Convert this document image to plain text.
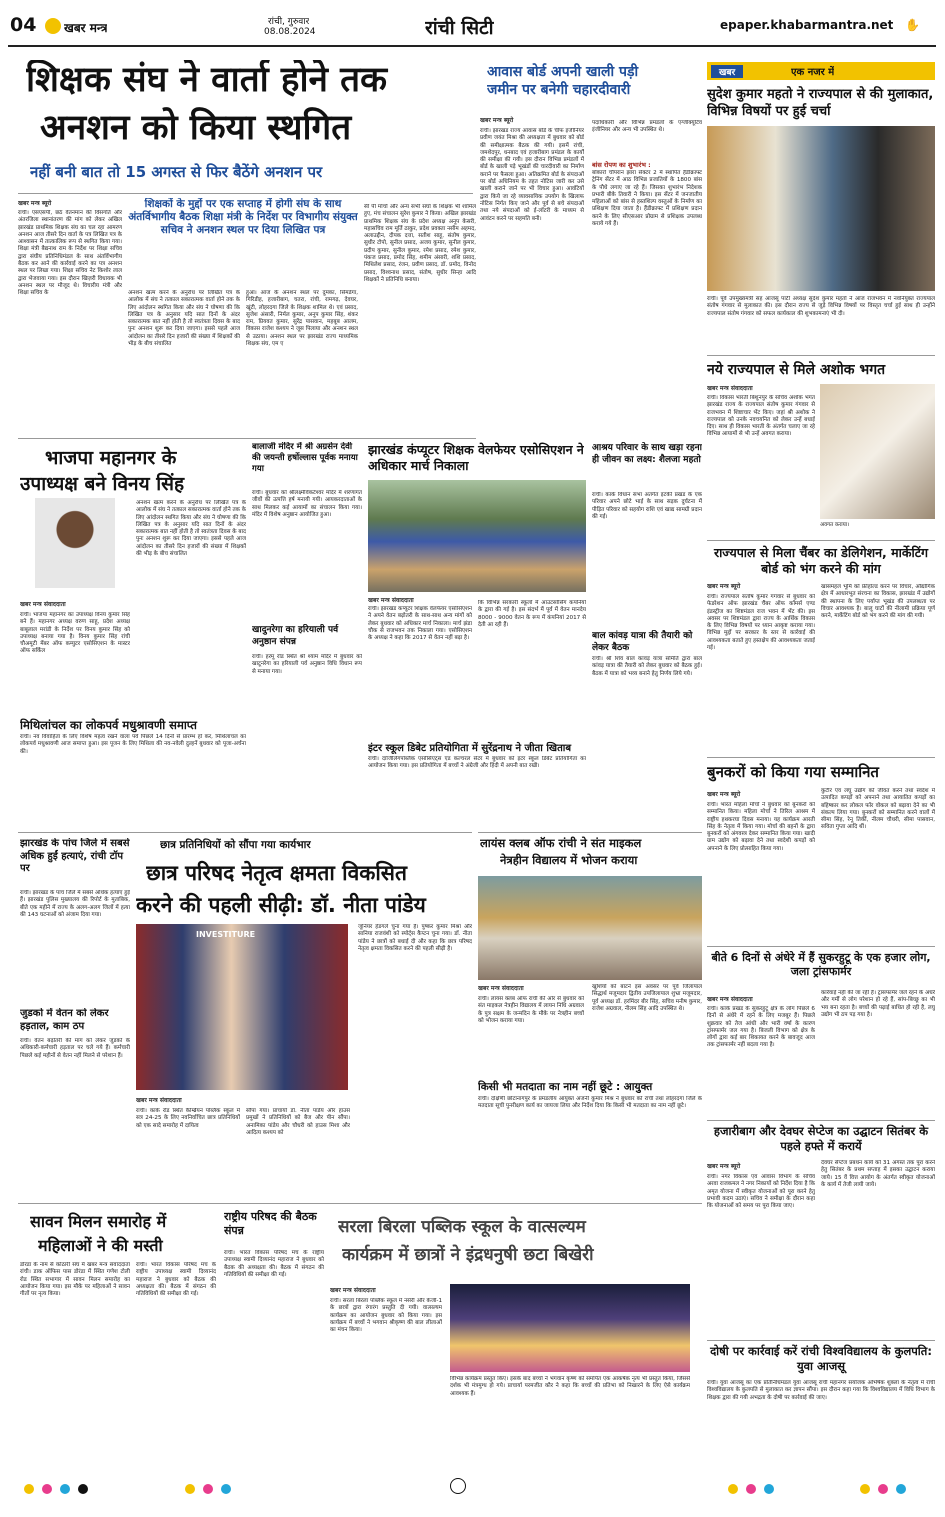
04 खबर मन्त्र	रांची, गुरुवार
08.08.2024	रांची सिटी	epaper.khabarmantra.net ✋
शिक्षक संघ ने वार्ता होने तक
अनशन को किया स्थगित
नहीं बनी बात तो 15 अगस्त से फिर बैठेंगे अनशन पर
खबर मन्त्र ब्यूरो
रांची। एसएसपी, छठे वेतनमान की विसंगति और अंतरजिला स्थानांतरण की मांग को लेकर अखिल झारखंड प्राथमिक शिक्षक संघ का चल रहा आमरण अनशन आज तीसरे दिन वार्ता के पत्र लिखित पत्र के आश्वासन में तात्कालिक रूप से स्थगित किया गया। शिक्षा मंत्री बैद्यनाथ राम के निर्देश पर शिक्षा सचिव द्वारा संघीय प्रतिनिधिमंडल के साथ अंतर्विभागीय बैठक कर आने की कार्रवाई करने का पत्र अनशन स्थल पर लिखा गया। शिक्षा सचिव नेट किशोर लाल द्वारा भेजवाया गया। इस दौरान खिज़री विधायक भी अनशन स्थल पर मौजूद थे। विचारीय मंत्री और शिक्षा सचिव के
शिक्षकों के मुद्दों पर एक सप्ताह में होगी संघ के साथ अंतर्विभागीय बैठक शिक्षा मंत्री के निर्देश पर विभागीय संयुक्त सचिव ने अनशन स्थल पर दिया लिखित पत्र
अनशन खत्म करने के अनुरोध पर लिखित पत्र के आलोक में संघ ने तत्काल सकारात्मक वार्ता होने तक के लिए आंदोलन स्थगित किया और संघ ने घोषणा की कि लिखित पत्र के अनुसार यदि सात दिनों के अंदर सकारात्मक बात नहीं होती है तो स्वतंत्रता दिवस के बाद पुनः अनशन शुरू कर दिया जाएगा। इससे पहले आज आंदोलन का तीसरे दिन हजारों की संख्या में शिक्षकों की भीड़ के बीच संचालित
हुआ। आज के अनशन स्थल पर दुमका, सिमडेगा, गिरिडीह, हजारीबाग, चतरा, रांची, रामगढ़, देवघर, खूंटी, लोहरदगा जिले के शिक्षक शामिल थे। एवं प्रसाद, सुजेश अंसारी, निर्मल कुमार, अनूप कुमार सिंह, शंकर राम, प्रियवत कुमार, सुरेंद्र पासवान, महबूब आलम, विकास राजेश कश्यप ने जूस पिलाया और अनशन स्थल से उठाया। अनशन स्थल पर झारखंड राज्य माध्यमिक शिक्षक संघ, एम ए
सी पी मोर्चा और अन्य सभी संघों के शिक्षक भी शामिल हुए, मंच संचालन सुरेश कुमार ने किया। अखिल झारखंड प्राथमिक शिक्षक संघ के प्रदेश अध्यक्ष अनूप केसरी, महासचिव राम मूर्ति ठाकुर, प्रदेश प्रवक्ता नसीम अहमद, अलाउद्दीन, दीपक दत्ता, सतीश साहू, संतोष कुमार, सुधीर टोपो, सुनील प्रसाद, अजय कुमार, सुनील कुमार, प्रदीप कुमार, सुनील कुमार, रमेश प्रसाद, रमेश कुमार, पंकज प्रसाद, प्रमोद सिंह, शमीम अंसारी, शशि प्रसाद, मिथिलेश प्रसाद, रंजन, प्रवीण प्रसाद, डॉ. प्रमोद, विनोद प्रसाद, विश्वनाथ प्रसाद, संतोष, सुधीर सिन्हा आदि शिक्षकों ने प्रतिनिधि बनाया।
आवास बोर्ड अपनी खाली पड़ी
जमीन पर बनेगी चहारदीवारी
खबर मन्त्र ब्यूरो
रांची। झारखंड राज्य आवास बोर्ड के चीफ इंजीनियर प्रवीण जयंत मिश्रा की अध्यक्षता में बुधवार को बोर्ड की समीक्षात्मक बैठक की गयी। इसमें रांची, जमशेदपुर, धनबाद एवं हजारीबाग प्रमंडल के कार्यों की समीक्षा की गयी। इस दौरान विभिन्न प्रमंडलों में बोर्ड के खाली पड़े भूखंडों की चारदीवारी का निर्माण कराने पर फैसला हुआ। अतिक्रमित बोर्ड के संपदाओं पर बोर्ड अधिनियम के तहत नोटिस जारी कर उसे खाली कराने जाने पर भी विचार हुआ। आवंटियों द्वारा किये जा रहे व्यावसायिक उपयोग के खिलाफ नोटिस निर्गत किए जाने और पूर्व से बचे संपदाओं तथा नये संपदाओं को ई-लॉटरी के माध्यम से आवंटन करने पर सहमति बनी।
पदाधिकारी और विभिन्न प्रमंडलों के एग्जीक्यूटिव इंजीनियर और अन्य भी उपस्थित थे।
बांस रोपण का शुभारंभ :
बोकारो चौपरान झारा सेक्टर 2 में स्थापित हैंडीक्राफ्ट ट्रेनिंग सेंटर में आठ विभिन्न प्रजातियों के 1800 बांस के पौधे लगाए जा रहे हैं। जिसका शुभारंभ निदेशक प्रभारी बीके तिवारी ने किया। इस सेंटर में जनजातीय महिलाओं को बांस से हस्तशिल्प वस्तुओं के निर्माण का प्रशिक्षण दिया जाता है। हैंडीक्राफ्ट में प्रशिक्षण प्रदान करने के लिए सीएसआर प्रोग्राम से प्रशिक्षक उपलब्ध कराये गये हैं।
खबर	एक नजर में
सुदेश कुमार महतो ने राज्यपाल से की मुलाकात, विभिन्न विषयों पर हुई चर्चा
रांची। पूर्व उपमुख्यमंत्री सह आजसू पार्टी अध्यक्ष सुदेश कुमार महतो ने आज राजभवन में नवनियुक्त राज्यपाल संतोष गंगवार से मुलाकात की। इस दौरान राज्य से जुड़े विभिन्न विषयों पर विस्तृत चर्चा हुई साथ ही उन्होंने राज्यपाल संतोष गंगवार को सफल कार्यकाल की शुभकामनाएं भी दी।
नये राज्यपाल से मिले अशोक भगत
खबर मन्त्र संवाददाता
रांची। विकास भारती बिशुनपुर के सचिव अशोक भगत झारखंड राज्य के राज्यपाल संतोष कुमार गंगवार से राजभवन में शिष्टाचार भेंट किए। जहां श्री अशोक ने राज्यपाल को उनके नवचयनित को लेकर उन्हें बधाई दिए। साथ ही विकास भारती के अंतर्गत चलाए जा रहे विभिन्न आयामों से भी उन्हें अवगत कराया।
अवगत कराया।
राज्यपाल से मिला चैंबर का डेलिगेशन, मार्केटिंग बोर्ड को भंग करने की मांग
खबर मन्त्र ब्यूरो
रांची। राज्यपाल संतोष कुमार गंगवार से बुधवार को फेडरेशन ऑफ झारखंड चैंबर ऑफ कॉमर्स एण्ड इंडस्ट्रीज का शिष्टमंडल राज भवन में भेंट की। इस अवसर पर शिष्टमंडल द्वारा राज्य के आर्थिक विकास के लिए विभिन्न विषयों पर ध्यान आकृष्ट कराया गया। विभिन्न मुद्दों पर सरकार के स्तर से कार्रवाई की आवश्यकता बताते हुए हस्तक्षेप की आवश्यकता जताई गई।
खासमहल भूमि को फ्रीहोल्ड करने पर विचार, औद्योगिक क्षेत्र में आधारभूत संरचना का विकास, झारखंड में उद्योगों की स्थापना के लिए पर्याप्त भूखंड की उपलब्धता पर विचार आवश्यक है। बालू घाटों की नीलामी प्रक्रिया पूर्ण करने, मार्केटिंग बोर्ड को भंग करने की मांग की गयी।
बुनकरों को किया गया सम्मानित
खबर मन्त्र ब्यूरो
रांची। भारत महिला मोर्चा ने बुधवार को बुनकरों को सम्मानित किया। महिला मोर्चा ने तिरिल आश्रम में राष्ट्रीय हथकरघा दिवस मनाया। यह कार्यक्रम आरती सिंह के नेतृत्व में किया गया। मोर्चा की बहनों के द्वारा बुनकरों को अंगवस्त्र देकर सम्मानित किया गया। खादी ग्राम उद्योग को बढ़ावा देने तथा स्वदेशी कपड़ों को अपनाने के लिए प्रोत्साहित किया गया।
कुटीर एवं लघु उद्योग को जीवंत करने तथा स्वदेश में उत्पादित कपड़ों को अपनाने तथा आयातित कपड़ों का बहिष्कार कर लोकल फॉर वोकल को बढ़ावा देने का भी संकल्प लिया गया। बुनकरों को सम्मानित करने वालों में सीमा सिंह, रेनू तिर्की, नीलम चौधरी, सीमा पासवान, सविता गुप्ता आदि थीं।
बीते 6 दिनों से अंधेरे में हैं सुकरहुटू के एक हजार लोग, जला ट्रांसफार्मर
खबर मन्त्र संवाददाता
रांची। कांके प्रखंड के सुकरहुटू क्षेत्र के लोग पिछले 6 दिनों से अंधेरे में रहने के लिए मजबूर हैं। पिछले शुक्रवार को तेज आंधी और भारी वर्षा के कारण ट्रांसफार्मर जल गया है। बिजली विभाग को क्षेत्र के लोगों द्वारा कई बार शिकायत करने के बावजूद आज तक ट्रांसफार्मर नहीं बदला गया है।
कार्रवाई नहीं की जा रही है। ट्रांसफार्मर जले रहने के अंधेरे और गर्मी से लोग परेशान हो रहे हैं, सांप-बिच्छू का भी भय बना रहता है। बच्चों की पढ़ाई बाधित हो रही है, लघु उद्योग भी ठप पड़ गया है।
हजारीबाग और देवघर सेप्टेज का उद्घाटन सितंबर के पहले हफ्ते में करायें
खबर मन्त्र ब्यूरो
रांची। नगर विकास एवं आवास विभाग के सचिव अरवा राजकमल ने नगर निकायों को निर्देश दिया है कि अमृत योजना में स्वीकृत योजनाओं को पूरा करने हेतु प्रभावी कदम उठाएं। सचिव ने समीक्षा के दौरान कहा कि योजनाओं को समय पर पूरा किया जाए।
देवघर सेप्टेज प्रबंधन कार्य को 31 अगस्त तक पूरा करने हेतु सितंबर के प्रथम सप्ताह में इसका उद्घाटन कराया जाये। 15 वें वित्त आयोग के अंतर्गत स्वीकृत योजनाओं के कार्य में तेजी लायी जाये।
दोषी पर कार्रवाई करें रांची विश्वविद्यालय के कुलपति: युवा आजसू
रांची। युवा आजसू का एक प्रतिनिधिमंडल युवा आजसू रांची महानगर संयोजक अभिषेक शुक्ला के नेतृत्व में रांची विश्वविद्यालय के कुलपति से मुलाकात कर ज्ञापन सौंपा। इस दौरान कहा गया कि विश्वविद्यालय में विधि विभाग के शिक्षक द्वारा की गयी अभद्रता के दोषी पर कार्रवाई की जाए।
भाजपा महानगर के
उपाध्यक्ष बने विनय सिंह
खबर मन्त्र संवाददाता
रांची। भाजपा महानगर का उपाध्यक्ष विनय कुमार सिंह बने हैं। महानगर अध्यक्ष वरुण साहू, प्रदेश अध्यक्ष बाबूलाल मरांडी के निर्देश पर विनय कुमार सिंह को उपाध्यक्ष बनाया गया है। विनय कुमार सिंह रांची चौअमूटी मेंबर ऑफ कम्युटर एसोसिएशन के मास्टर ऑफ सर्किल
अनशन खत्म करने के अनुरोध पर लिखित पत्र के आलोक में संघ ने तत्काल सकारात्मक वार्ता होने तक के लिए आंदोलन स्थगित किया और संघ ने घोषणा की कि लिखित पत्र के अनुसार यदि सात दिनों के अंदर सकारात्मक बात नहीं होती है तो स्वतंत्रता दिवस के बाद पुनः अनशन शुरू कर दिया जाएगा। इससे पहले आज आंदोलन का तीसरे दिन हजारों की संख्या में शिक्षकों की भीड़ के बीच संचालित
मिथिलांचल का लोकपर्व मधुश्रावणी समाप्त
रांची। नव विवाहिता के लिए विशेष महत्व रखने वाला पर्व पिछले 14 दिनों से प्रारम्भ हो कर, मिथिलांचल का लोकपर्व मधुश्रावणी आज समाप्त हुआ। इस पूजन के लिए मिथिला की नव-नवेली दुल्हनें बुधवार को पूजा-अर्चना की।
झारखंड के पांच जिले में सबसे अधिक हुईं हत्याएं, रांची टॉप पर
रांची। झारखंड के पांच जिले में सबसे अधिक हत्याएं हुई हैं। झारखंड पुलिस मुख्यालय की रिपोर्ट के मुताबिक, बीते एक महीने में राज्य के अलग-अलग जिलों में हत्या की 143 घटनाओं को अंजाम दिया गया।
जुडको में वेतन को लेकर हड़ताल, काम ठप
रांची। वेतन बढ़ोतरी की मांग को लेकर जुडको के अधिकारी-कर्मचारी हड़ताल पर चले गये हैं। कर्मचारी पिछले कई महीनों से वेतन नहीं मिलने से परेशान हैं।
बालाजी मंदिर में श्री अग्रसेन देवी की जयन्ती हर्षोल्लास पूर्वक मनाया गया
रांची। बुधवार को श्रीलक्ष्मीवेंकटेश्वर मंदिर में शरणागत जीवों की उत्पत्ति हर्ष मनायी गयी। आयकरदाताओं के साथ मिलकर कई आयामों का संचालन किया गया। मंदिर में विशेष अनुष्ठान आयोजित हुआ।
खादुनरेगा का हरियाली पर्व अनुष्ठान संपन्न
रांची। हरमू रोड स्थित श्री श्याम मंदिर में बुधवार को खाटूनरेगा का हरियाली पर्व अनुष्ठान विधि विधान रूप से मनाया गया।
झारखंड कंप्यूटर शिक्षक वेलफेयर एसोसिएशन ने अधिकार मार्च निकाला
खबर मन्त्र संवाददाता
रांची। झारखंड कंप्यूटर शिक्षक वेलफेयर एसोसिएशन ने अपने वेतन बढ़ोतरी के साथ-साथ अन्य मांगों को लेकर बुधवार को अधिकार मार्च निकाला। मार्च झंडा चौक से राजभवन तक निकाला गया। एसोसिएशन के अध्यक्ष ने कहा कि 2017 से वेतन नहीं बढ़ा है।
कि विभिन्न सरकारी स्कूलों में आउटसोर्सिंग कंपनियों के द्वारा की गई है। इस संदर्भ में पूर्व में वेतन मानदेय 8000 - 9000 वेतन के रूप में कंपनियां 2017 से देती आ रही हैं।
आश्रय परिवार के साथ खड़ा रहना ही जीवन का लक्ष्य: शैलजा महतो
रांची। कांके विधान सभा अंतर्गत इटकी प्रखंड के एक परिवार अपने छोटे भाई के साथ सड़क दुर्घटना में पीड़ित परिवार को सहयोग राशि एवं खाद्य सामग्री प्रदान की गई।
बाल कांवड़ यात्रा की तैयारी को लेकर बैठक
रांची। श्री शिव बाल कांवड़ यात्रा समिति द्वारा बाल कांवड़ यात्रा की तैयारी को लेकर बुधवार को बैठक हुई। बैठक में यात्रा को भव्य बनाने हेतु निर्णय लिये गये।
इंटर स्कूल डिबेट प्रतियोगिता में सुरेंद्रनाथ ने जीता खिताब
रांची। दार्जिलिंगपब्लिक एसोसिएट्स एंड कल्चरल सेंटर में बुधवार को इंटर स्कूल डिबेट प्रतियोगिता का आयोजन किया गया। इस प्रतियोगिता में बच्चों ने अंग्रेजी और हिंदी में अपनी बात रखी।
छात्र प्रतिनिधियों को सौंपा गया कार्यभार
छात्र परिषद नेतृत्व क्षमता विकसित
करने की पहली सीढ़ी: डॉ. नीता पांडेय
INVESTITURE
खबर मन्त्र संवाददाता
रांची। कांके रोड स्थित कैम्ब्रियन पब्लिक स्कूल में सत्र 24-25 के लिए नवनिर्वाचित छात्र प्रतिनिधियों को एक सादे समारोह में दायित्व
सौंपा गया। प्राचार्या डॉ. नीता पांडेय और हाउस प्रमुखों ने प्रतिनिधियों को बैज और पीन सौंपा। अनामिका पांडेय और चौधरी को हाउस मिशा और आदित्य कश्यप को
जूनियर हेडगर्ल चुना गया है। पुष्कर कुमार मिश्रा और सानिया राजवंशी को स्पोर्ट्स कैप्टन चुना गया। डॉ. नीता पांडेय ने छात्रों को बधाई दी और कहा कि छात्र परिषद नेतृत्व क्षमता विकसित करने की पहली सीढ़ी है।
लायंस क्लब ऑफ रांची ने संत माइकल
नेत्रहीन विद्यालय में भोजन कराया
खबर मन्त्र संवाददाता
रांची। लायंस क्लब ऑफ रांची की ओर से बुधवार को संत माइकल नेत्रहीन विद्यालय में लायन निधि अग्रवाल के पुत्र सक्षम के जन्मदिन के मौके पर नेत्रहीन बच्चों को भोजन कराया गया।
खुशियों को बांटने इस अवसर पर पूर्व जिलापाल सिद्धार्थ मजूमदार द्वितीय उपजिलापाल शुभ्रा मजूमदार, पूर्व अध्यक्ष डॉ. हरमिंदर बीर सिंह, सचिव मनीष कुमार, राजेश अग्रवाल, नीलम सिंह आदि उपस्थित थे।
किसी भी मतदाता का नाम नहीं छूटे : आयुक्त
रांची। दक्षिणी छोटानागपुर के प्रमंडलीय आयुक्त अंजनी कुमार मिश्र ने बुधवार को रांची तथा लोहरदगा जिले के मतदाता सूची पुनरीक्षण कार्य का जायजा लिया और निर्देश दिया कि किसी भी मतदाता का नाम नहीं छूटे।
सावन मिलन समारोह में
महिलाओं ने की मस्ती
डोरंडा के नाम से कोठारी संघ में खबर मन्त्र संवाददाता रांची। डाक ऑफिस पास डोरंडा में स्थित गणेश टोली रोड स्थित सभागार में सावन मिलन समारोह का आयोजन किया गया। इस मौके पर महिलाओं ने सावन गीतों पर नृत्य किया।
रांची। भारत विकास परिषद मंच के राष्ट्रीय उपाध्यक्ष स्वामी दिव्यानंद महाराज ने बुधवार को बैठक की अध्यक्षता की। बैठक में संगठन की गतिविधियों की समीक्षा की गई।
राष्ट्रीय परिषद की बैठक संपन्न
रांची। भारत विकास परिषद मंच के राष्ट्रीय उपाध्यक्ष स्वामी दिव्यानंद महाराज ने बुधवार को बैठक की अध्यक्षता की। बैठक में संगठन की गतिविधियों की समीक्षा की गई।
सरला बिरला पब्लिक स्कूल के वात्सल्यम
कार्यक्रम में छात्रों ने इंद्रधनुषी छटा बिखेरी
खबर मन्त्र संवाददाता
रांची। सरला बिरला पब्लिक स्कूल में नर्सरी और केजी-1 के छात्रों द्वारा रंगारंग प्रस्तुति दी गयी। वात्सल्यम कार्यक्रम का आयोजन बुधवार को किया गया। इस कार्यक्रम में बच्चों ने भगवान श्रीकृष्ण की बाल लीलाओं का मंचन किया।
विभिन्न कार्यक्रम प्रस्तुत किए। इसके बाद बच्चों ने भगवान कृष्ण को समर्पित एक आकर्षक नृत्य भी प्रस्तुत किया, जिससे दर्शक भी मंत्रमुग्ध हो गये। प्राचार्या परमजीत कौर ने कहा कि बच्चों की प्रतिभा को निखारने के लिए ऐसे कार्यक्रम आवश्यक हैं।
